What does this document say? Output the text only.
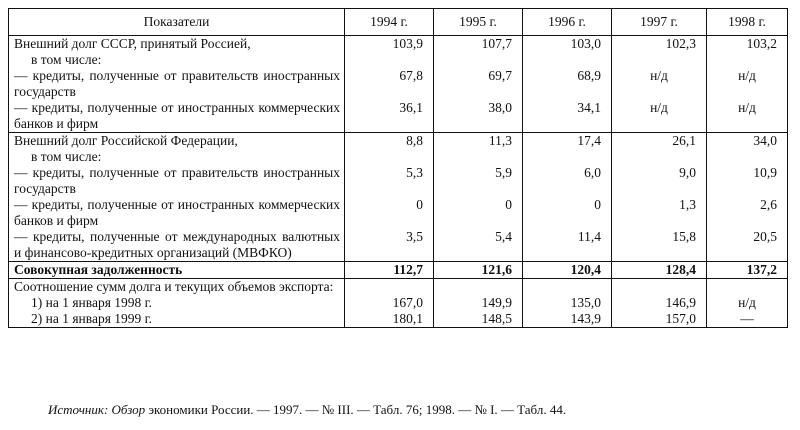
Показатели	1994 г.	1995 г.	1996 г.	1997 г.	1998 г.
Внешний долг СССР, принятый Россией,	103,9	107,7	103,0	102,3	103,2
в том числе:					
— кредиты, полученные от правительств иностранных государств	67,8	69,7	68,9	н/д	н/д
— кредиты, полученные от иностранных коммерческих банков и фирм	36,1	38,0	34,1	н/д	н/д
Внешний долг Российской Федерации,	8,8	11,3	17,4	26,1	34,0
в том числе:					
— кредиты, полученные от правительств иностранных государств	5,3	5,9	6,0	9,0	10,9
— кредиты, полученные от иностранных коммерческих банков и фирм	0	0	0	1,3	2,6
— кредиты, полученные от международных валютных и финансово-кредитных организаций (МВФКО)	3,5	5,4	11,4	15,8	20,5
Совокупная задолженность	112,7	121,6	120,4	128,4	137,2
Соотношение сумм долга и текущих объемов экспорта:					
1) на 1 января 1998 г.	167,0	149,9	135,0	146,9	н/д
2) на 1 января 1999 г.	180,1	148,5	143,9	157,0	—
Источник: Обзор экономики России. — 1997. — № III. — Табл. 76; 1998. — № I. — Табл. 44.
